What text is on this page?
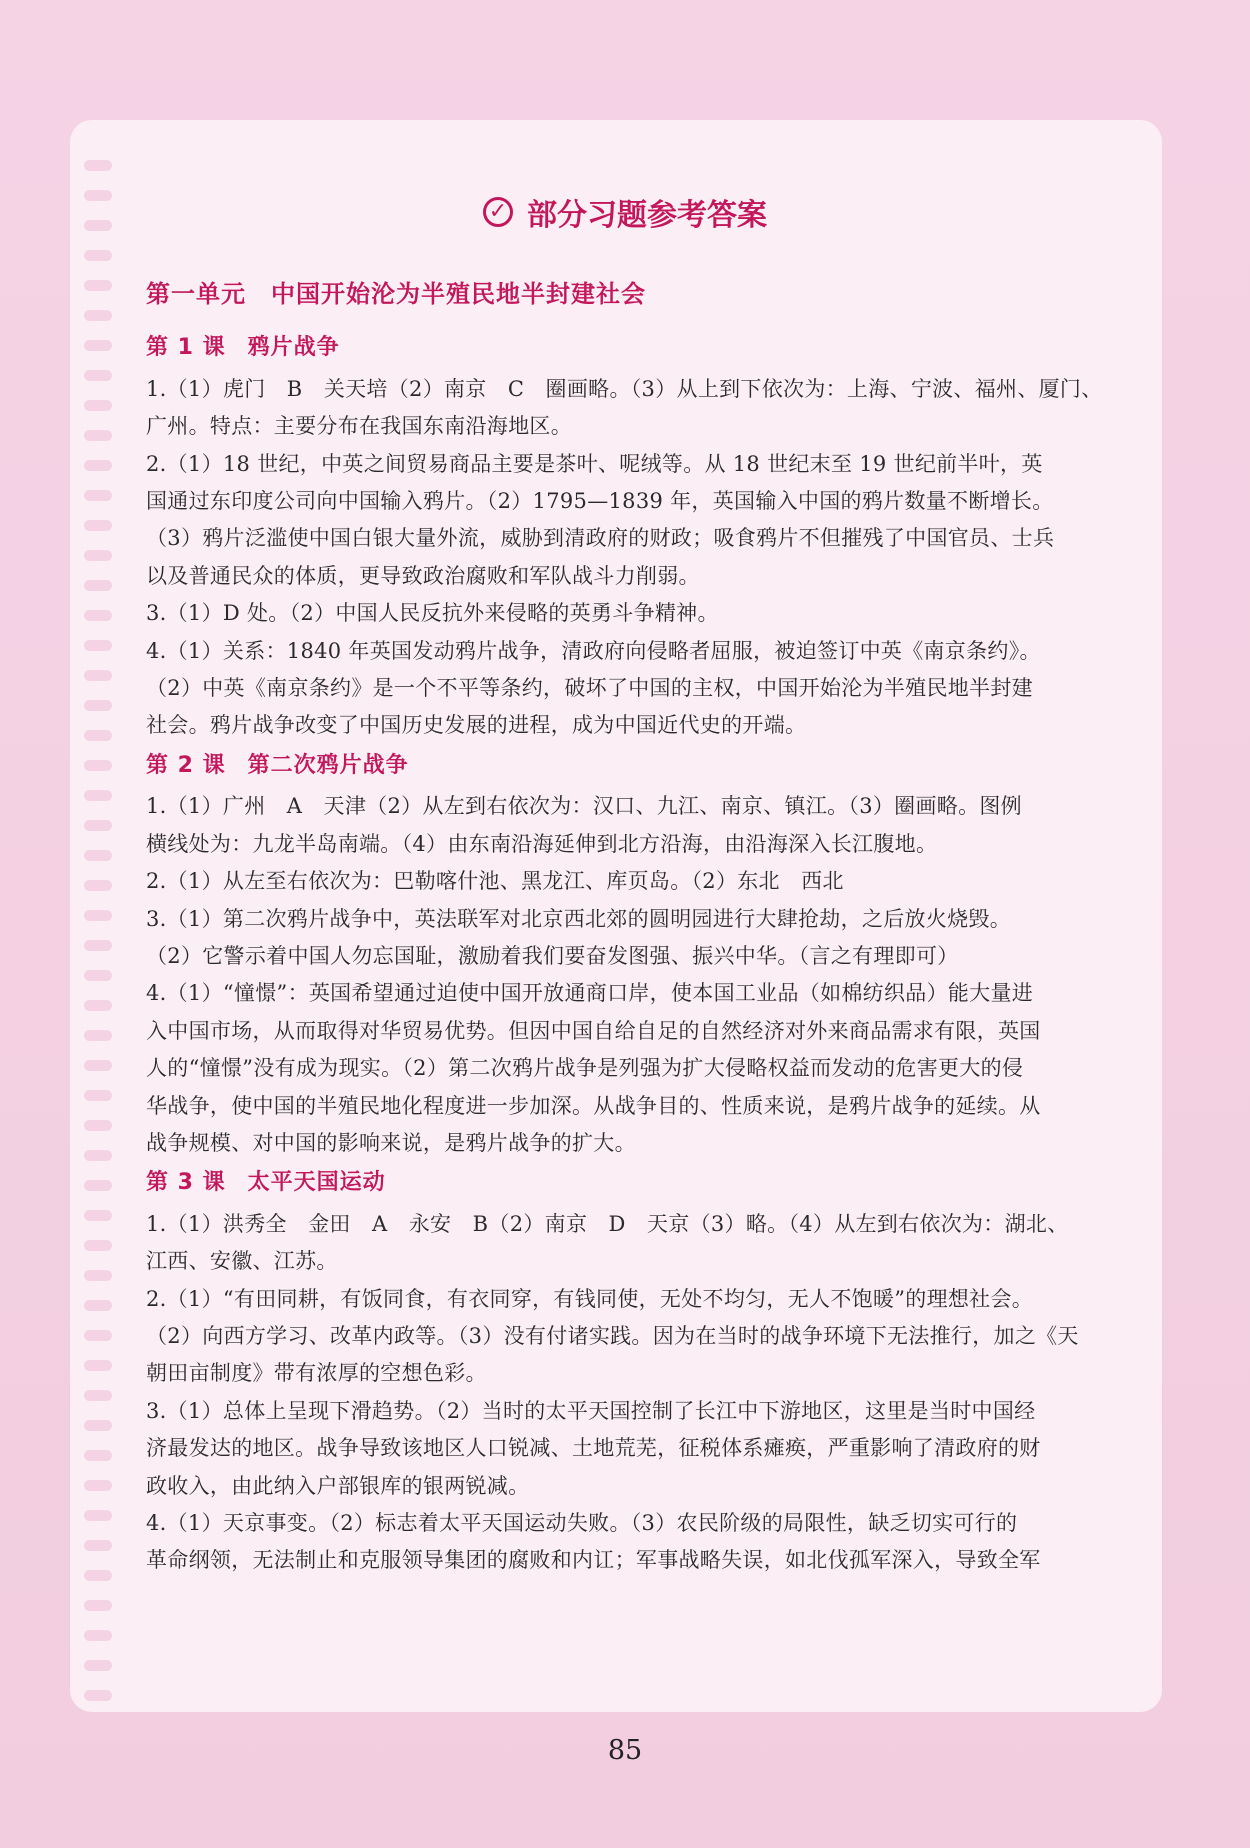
✓ 部分习题参考答案
第一单元　中国开始沦为半殖民地半封建社会
第 1 课 鸦片战争
1.（1）虎门　B　关天培（2）南京　C　圈画略。（3）从上到下依次为：上海、宁波、福州、厦门、
广州。特点：主要分布在我国东南沿海地区。
2.（1）18 世纪，中英之间贸易商品主要是茶叶、呢绒等。从 18 世纪末至 19 世纪前半叶，英
国通过东印度公司向中国输入鸦片。（2）1795—1839 年，英国输入中国的鸦片数量不断增长。
（3）鸦片泛滥使中国白银大量外流，威胁到清政府的财政；吸食鸦片不但摧残了中国官员、士兵
以及普通民众的体质，更导致政治腐败和军队战斗力削弱。
3.（1）D 处。（2）中国人民反抗外来侵略的英勇斗争精神。
4.（1）关系：1840 年英国发动鸦片战争，清政府向侵略者屈服，被迫签订中英《南京条约》。
（2）中英《南京条约》是一个不平等条约，破坏了中国的主权，中国开始沦为半殖民地半封建
社会。鸦片战争改变了中国历史发展的进程，成为中国近代史的开端。
第 2 课 第二次鸦片战争
1.（1）广州　A　天津（2）从左到右依次为：汉口、九江、南京、镇江。（3）圈画略。图例
横线处为：九龙半岛南端。（4）由东南沿海延伸到北方沿海，由沿海深入长江腹地。
2.（1）从左至右依次为：巴勒喀什池、黑龙江、库页岛。（2）东北　西北
3.（1）第二次鸦片战争中，英法联军对北京西北郊的圆明园进行大肆抢劫，之后放火烧毁。
（2）它警示着中国人勿忘国耻，激励着我们要奋发图强、振兴中华。（言之有理即可）
4.（1）“憧憬”：英国希望通过迫使中国开放通商口岸，使本国工业品（如棉纺织品）能大量进
入中国市场，从而取得对华贸易优势。但因中国自给自足的自然经济对外来商品需求有限，英国
人的“憧憬”没有成为现实。（2）第二次鸦片战争是列强为扩大侵略权益而发动的危害更大的侵
华战争，使中国的半殖民地化程度进一步加深。从战争目的、性质来说，是鸦片战争的延续。从
战争规模、对中国的影响来说，是鸦片战争的扩大。
第 3 课 太平天国运动
1.（1）洪秀全　金田　A　永安　B（2）南京　D　天京（3）略。（4）从左到右依次为：湖北、
江西、安徽、江苏。
2.（1）“有田同耕，有饭同食，有衣同穿，有钱同使，无处不均匀，无人不饱暖”的理想社会。
（2）向西方学习、改革内政等。（3）没有付诸实践。因为在当时的战争环境下无法推行，加之《天
朝田亩制度》带有浓厚的空想色彩。
3.（1）总体上呈现下滑趋势。（2）当时的太平天国控制了长江中下游地区，这里是当时中国经
济最发达的地区。战争导致该地区人口锐减、土地荒芜，征税体系瘫痪，严重影响了清政府的财
政收入，由此纳入户部银库的银两锐减。
4.（1）天京事变。（2）标志着太平天国运动失败。（3）农民阶级的局限性，缺乏切实可行的
革命纲领，无法制止和克服领导集团的腐败和内讧；军事战略失误，如北伐孤军深入，导致全军
85
